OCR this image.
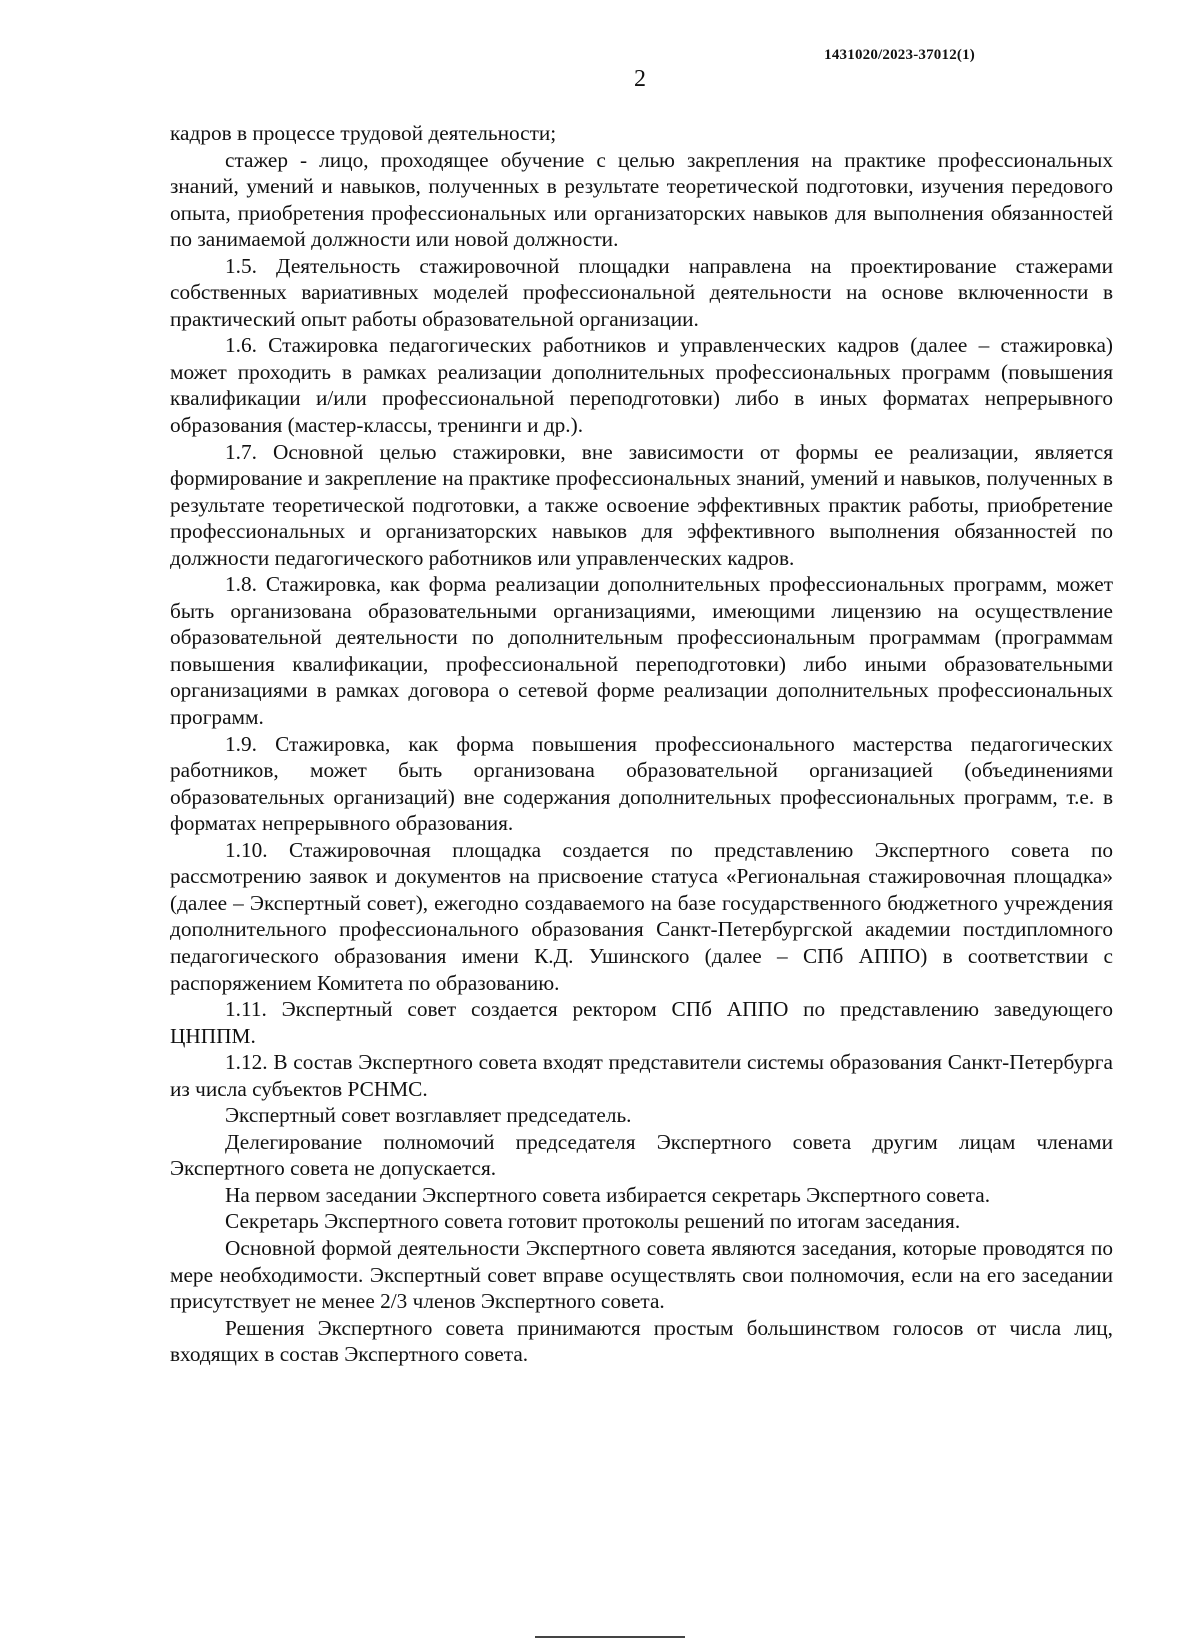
1431020/2023-37012(1)
2

кадров в процессе трудовой деятельности;

стажер - лицо, проходящее обучение с целью закрепления на практике профессиональных знаний, умений и навыков, полученных в результате теоретической подготовки, изучения передового опыта, приобретения профессиональных или организаторских навыков для выполнения обязанностей по занимаемой должности или новой должности.

1.5. Деятельность стажировочной площадки направлена на проектирование стажерами собственных вариативных моделей профессиональной деятельности на основе включенности в практический опыт работы образовательной организации.

1.6. Стажировка педагогических работников и управленческих кадров (далее – стажировка) может проходить в рамках реализации дополнительных профессиональных программ (повышения квалификации и/или профессиональной переподготовки) либо в иных форматах непрерывного образования (мастер-классы, тренинги и др.).

1.7. Основной целью стажировки, вне зависимости от формы ее реализации, является формирование и закрепление на практике профессиональных знаний, умений и навыков, полученных в результате теоретической подготовки, а также освоение эффективных практик работы, приобретение профессиональных и организаторских навыков для эффективного выполнения обязанностей по должности педагогического работников или управленческих кадров.

1.8. Стажировка, как форма реализации дополнительных профессиональных программ, может быть организована образовательными организациями, имеющими лицензию на осуществление образовательной деятельности по дополнительным профессиональным программам (программам повышения квалификации, профессиональной переподготовки) либо иными образовательными организациями в рамках договора о сетевой форме реализации дополнительных профессиональных программ.

1.9. Стажировка, как форма повышения профессионального мастерства педагогических работников, может быть организована образовательной организацией (объединениями образовательных организаций) вне содержания дополнительных профессиональных программ, т.е. в форматах непрерывного образования.

1.10. Стажировочная площадка создается по представлению Экспертного совета по рассмотрению заявок и документов на присвоение статуса «Региональная стажировочная площадка» (далее – Экспертный совет), ежегодно создаваемого на базе государственного бюджетного учреждения дополнительного профессионального образования Санкт-Петербургской академии постдипломного педагогического образования имени К.Д. Ушинского (далее – СПб АППО) в соответствии с распоряжением Комитета по образованию.

1.11. Экспертный совет создается ректором СПб АППО по представлению заведующего ЦНППМ.

1.12. В состав Экспертного совета входят представители системы образования Санкт-Петербурга из числа субъектов РСНМС.

Экспертный совет возглавляет председатель.

Делегирование полномочий председателя Экспертного совета другим лицам членами Экспертного совета не допускается.

На первом заседании Экспертного совета избирается секретарь Экспертного совета.

Секретарь Экспертного совета готовит протоколы решений по итогам заседания.

Основной формой деятельности Экспертного совета являются заседания, которые проводятся по мере необходимости. Экспертный совет вправе осуществлять свои полномочия, если на его заседании присутствует не менее 2/3 членов Экспертного совета.

Решения Экспертного совета принимаются простым большинством голосов от числа лиц, входящих в состав Экспертного совета.
